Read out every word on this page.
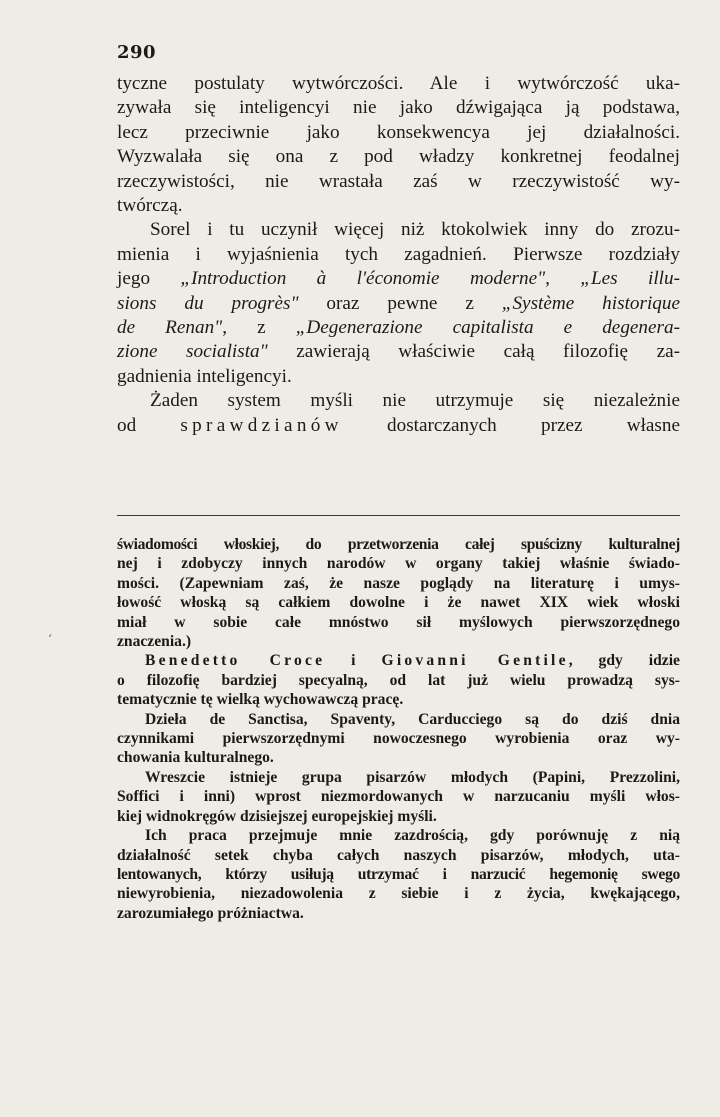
290

tyczne postulaty wytwórczości. Ale i wytwórczość uka-
zywała się inteligencyi nie jako dźwigająca ją podstawa,
lecz przeciwnie jako konsekwencya jej działalności.
Wyzwalała się ona z pod władzy konkretnej feodalnej
rzeczywistości, nie wrastała zaś w rzeczywistość wy-
twórczą.

Sorel i tu uczynił więcej niż ktokolwiek inny do zrozu-
mienia i wyjaśnienia tych zagadnień. Pierwsze rozdziały
jego „Introduction à l'économie moderne", „Les illu-
sions du progrès" oraz pewne z „Système historique
de Renan", z „Degenerazione capitalista e degenera-
zione socialista" zawierają właściwie całą filozofię za-
gadnienia inteligencyi.

Żaden system myśli nie utrzymuje się niezależnie
od sprawdzianów dostarczanych przez własne

świadomości włoskiej, do przetworzenia całej spuścizny kulturalnej
nej i zdobyczy innych narodów w organy takiej właśnie świado-
mości. (Zapewniam zaś, że nasze poglądy na literaturę i umys-
łowość włoską są całkiem dowolne i że nawet XIX wiek włoski
miał w sobie całe mnóstwo sił myślowych pierwszorzędnego
znaczenia.)

Benedetto Croce i Giovanni Gentile, gdy idzie
o filozofię bardziej specyalną, od lat już wielu prowadzą sys-
tematycznie tę wielką wychowawczą pracę.

Dzieła de Sanctisa, Spaventy, Carducciego są do dziś dnia
czynnikami pierwszorzędnymi nowoczesnego wyrobienia oraz wy-
chowania kulturalnego.

Wreszcie istnieje grupa pisarzów młodych (Papini, Prezzolini,
Soffici i inni) wprost niezmordowanych w narzucaniu myśli włos-
kiej widnokręgów dzisiejszej europejskiej myśli.

Ich praca przejmuje mnie zazdrością, gdy porównuję z nią
działalność setek chyba całych naszych pisarzów, młodych, uta-
lentowanych, którzy usiłują utrzymać i narzucić hegemonię swego
niewyrobienia, niezadowolenia z siebie i z życia, kwękającego,
zarozumiałego próżniactwa.

‘
